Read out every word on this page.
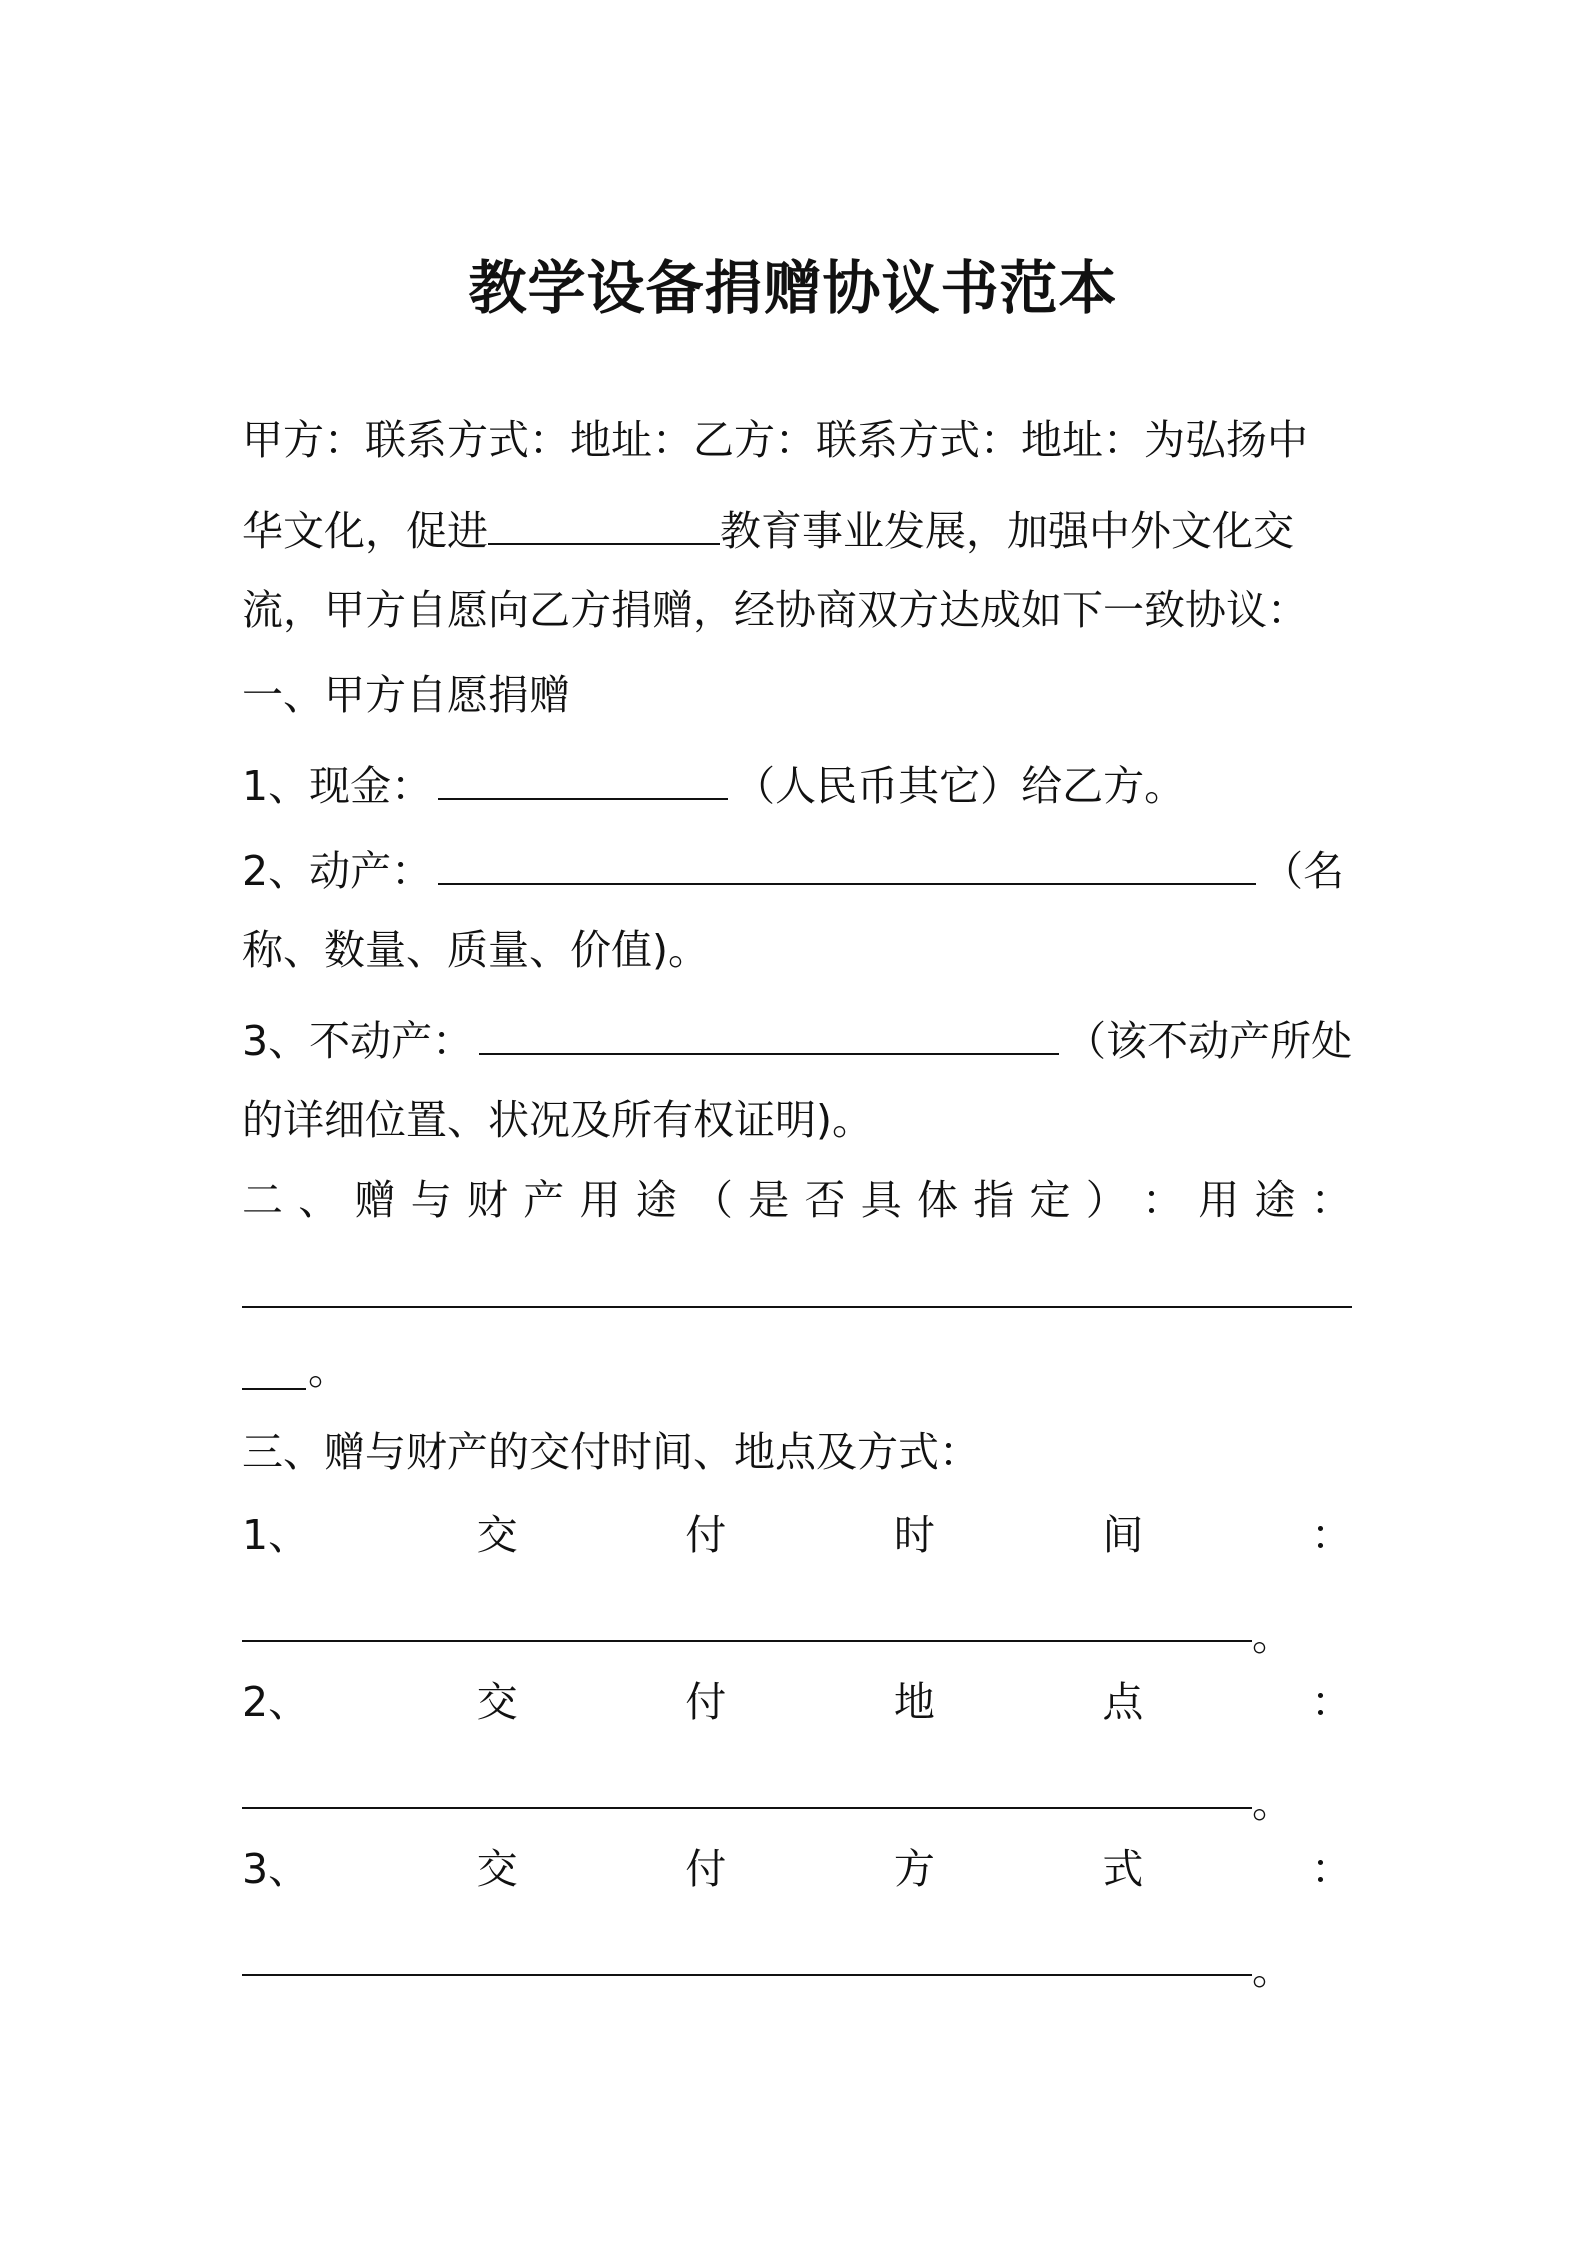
教学设备捐赠协议书范本
甲方：联系方式：地址：乙方：联系方式：地址：为弘扬中
华文化，促进	教育事业发展，加强中外文化交
流，甲方自愿向乙方捐赠，经协商双方达成如下一致协议：
一、甲方自愿捐赠
1、现金：	（人民币其它）给乙方。
2、动产：	（名
称、数量、质量、价值)。
3、不动产：	（该不动产所处
的详细位置、状况及所有权证明)。
二 、 赠 与 财 产 用 途 （ 是 否 具 体 指 定 ） ： 用 途 ：
。
三、赠与财产的交付时间、地点及方式：
1、	交	付	时	间	：
。
2、	交	付	地	点	：
。
3、	交	付	方	式	：
。
